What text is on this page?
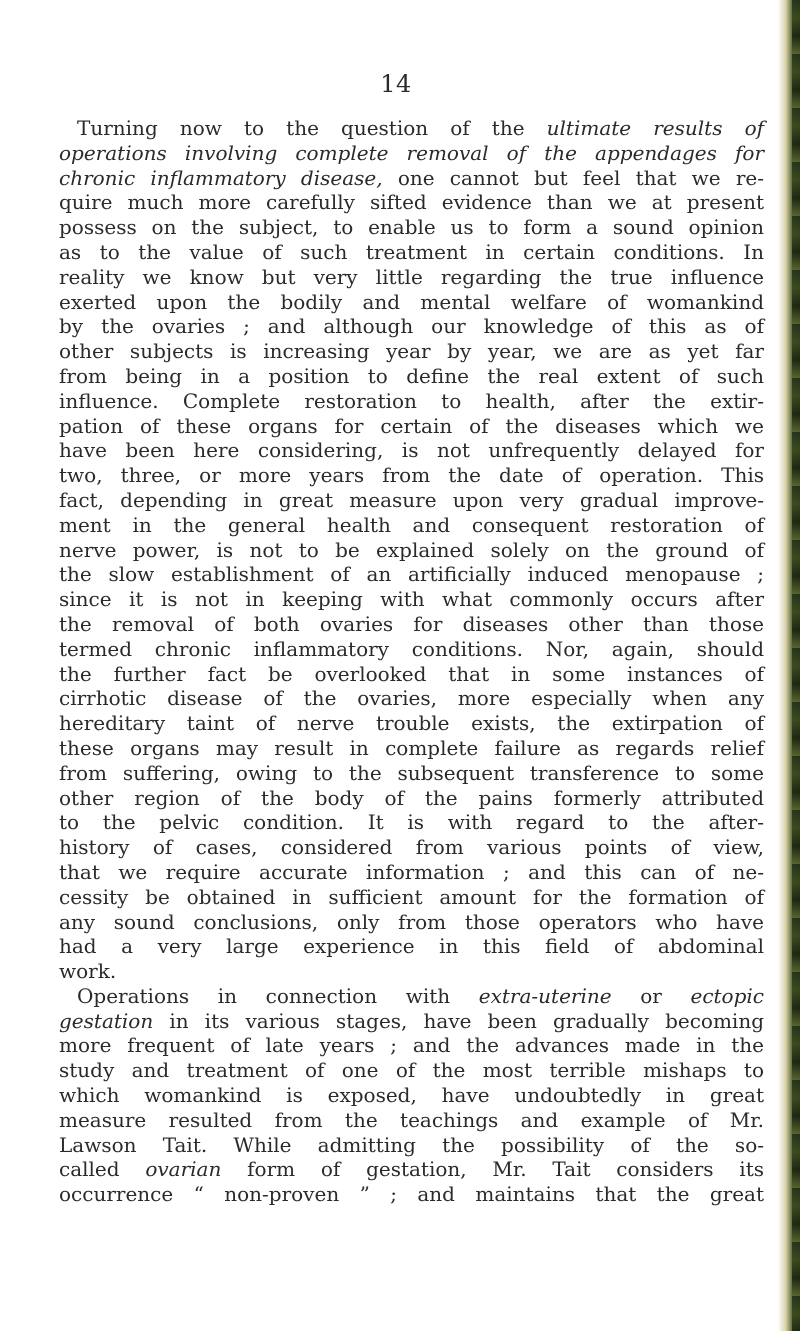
14
Turning now to the question of the ultimate results of
operations involving complete removal of the appendages for
chronic inflammatory disease, one cannot but feel that we re-
quire much more carefully sifted evidence than we at present
possess on the subject, to enable us to form a sound opinion
as to the value of such treatment in certain conditions. In
reality we know but very little regarding the true influence
exerted upon the bodily and mental welfare of womankind
by the ovaries ; and although our knowledge of this as of
other subjects is increasing year by year, we are as yet far
from being in a position to define the real extent of such
influence. Complete restoration to health, after the extir-
pation of these organs for certain of the diseases which we
have been here considering, is not unfrequently delayed for
two, three, or more years from the date of operation. This
fact, depending in great measure upon very gradual improve-
ment in the general health and consequent restoration of
nerve power, is not to be explained solely on the ground of
the slow establishment of an artificially induced menopause ;
since it is not in keeping with what commonly occurs after
the removal of both ovaries for diseases other than those
termed chronic inflammatory conditions. Nor, again, should
the further fact be overlooked that in some instances of
cirrhotic disease of the ovaries, more especially when any
hereditary taint of nerve trouble exists, the extirpation of
these organs may result in complete failure as regards relief
from suffering, owing to the subsequent transference to some
other region of the body of the pains formerly attributed
to the pelvic condition. It is with regard to the after-
history of cases, considered from various points of view,
that we require accurate information ; and this can of ne-
cessity be obtained in sufficient amount for the formation of
any sound conclusions, only from those operators who have
had a very large experience in this field of abdominal
work.
Operations in connection with extra-uterine or ectopic
gestation in its various stages, have been gradually becoming
more frequent of late years ; and the advances made in the
study and treatment of one of the most terrible mishaps to
which womankind is exposed, have undoubtedly in great
measure resulted from the teachings and example of Mr.
Lawson Tait. While admitting the possibility of the so-
called ovarian form of gestation, Mr. Tait considers its
occurrence “ non-proven ” ; and maintains that the great
